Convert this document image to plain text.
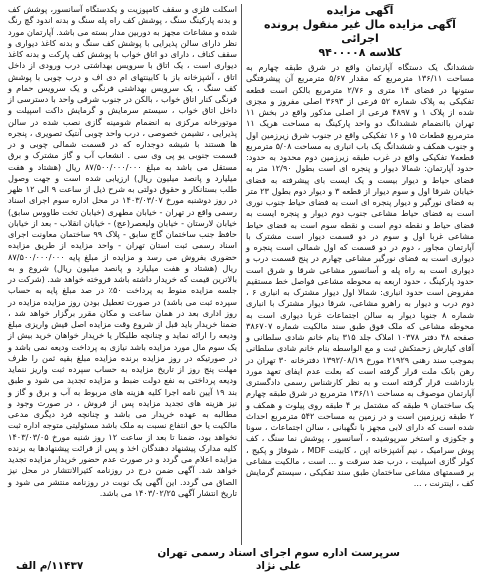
آگهی مزایده
آگهی مزایده مال غیر منقول پرونده اجرائی
کلاسه ۹۴۰۰۰۰۸

ششدانگ یک دستگاه آپارتمان واقع در شرق طبقه چهارم به مساحت ۱۳۶/۱۱ مترمربع که مقدار ۵/۶۷ مترمربع آن پیشرفتگی ستونها در فضای ۱۴ متری و ۲/۷۶ مترمربع بالکن است قطعه تفکیکی به پلاک شماره ۵۲ فرعی از ۳۶۹۳ اصلی مفروز و مجزی شده از پلاک ۱ و ۴۸۹۷ فرعی از اصلی مذکور واقع در بخش ۱۱ تهران باانضمام ششدانگ دو واحد پارکینگ به مساحت هریک ۱۱ مترمربع قطعات ۱۵ و ۱۶ تفکیکی واقع در جنوب شرق زیرزمین اول و جنوب همکف و ششدانگ یک باب انباری به مساحت ۵/۰۸ مترمربع قطعه۷ تفکیکی واقع در غرب طبقه زیرزمین دوم محدود به حدود: حدود آپارتمان: شمالا دیوار و پنجره ای است بطول ۱۲/۹۰ متر به فضای حیاط و دیوار بیست و یک ایست بای پیشرفته به فضای خیابان شرقا اول و سوم دیوار از قطعه ۳ و دیوار دوم بطول ۲۳ متر به فضای نورگیر و دیوار پنجره ای است به فضای حیاط جنوب نوری است به فضای حیاط مشاعی جنوب دوم دیوار و پنجره ایست به فضای حیاط و نقطه دوم است و نقطه سوم است به فضای حیاط مشاعی غربا اول و سوم در دو قسمت دیوار است مشترک با آپارتمان مجاور ، دوم در دو قسمت که اول شمالی است پنجره و دیواری است به فضای نورگیر مشاعی چهارم در پنج قسمت درب و دیواری است به راه پله و آسانسور مشاعی شرقا و شرق است حدود پارکینگ ، حدود اربعه به محوطه مشاعی فواصل خط مستقیم مفروض است حدود انباری: شمالا اول دیوار مشترک به انباری ۶ ، دوم درب و دیوار به راهرو مشاعی، شرقا دیوار مشترک با انباری شماره ۸ جنوبا دیوار به سالن اجتماعات غربا دیواری است به محوطه مشاعی که ملک فوق طبق سند مالکیت شماره ۳۸۶۷۰۷ صفحه ۴۸ دفتر ۱۰۳۷۸ املاک جلد ۳۱۵ بنام خانم شادی سلطانی و آقای کیارش زحمتکش ثبت و مع الواسطه بنام خانم شادی سلطانی بموجب سند رهنی ۲۱۹۲۹ مورخ ۱۳۹۲/۰۸/۱۹ دفترخانه ۳۰ تهران در رهن بانک ملت قرار گرفته است که بعلت عدم ایفای تعهد مورد بازداشت قرار گرفته است و به نظر کارشناس رسمی دادگستری آپارتمان موصوف به مساحت ۱۳۶/۱۱ مترمربع در شرق طبقه چهارم یک ساختمان ۹ طبقه که مشتمل بر ۴ طبقه روی پیلوت و همکف و ۲ طبقه زیرزمین است و در زمین به مساحت ۵۴۲ مترمربع احداث شده است که دارای لابی مجهز با نگهبانی ، سالن اجتماعات ، سونا و جکوزی و استخر سرپوشیده ، آسانسور ، پوشش نما سنگ ، کف پوش سرامیک ، نیم آشپزخانه اپن ، کابینت MDF ، شوفاژ و پکیج ، کولر گازی اسپلیت ، درب ضد سرقت و ... است ، مالکیت مشاعی بر قسمتهای مشاعی ساختمان طبق سند تفکیکی ، سیستم گرمایش کف ، اینترنت ، ...

اسکلت فلزی و سقف کامپوزیت و یکدستگاه آسانسور، پوشش کف و بدنه پارکینگ سنگ ، پوشش کف راه پله سنگ و بدنه اندود گچ رنگ شده و مشاعات مجهز به دوربین مدار بسته می باشد. آپارتمان مورد نظر دارای سالن پذیرایی با پوشش کف سنگ و بدنه کاغذ دیواری و سقف کناف ، دارای دو اتاق خواب با پوشش کف پارکت و بدنه کاغذ دیواری است ، یک اتاق با سرویس بهداشتی درب ورودی از داخل اتاق ، آشپزخانه باز با کابینتهای ام دی اف و درب چوبی با پوشش کف سنگ ، یک سرویس بهداشتی فرنگی و یک سرویس حمام و فرنگی کنار اتاق خواب ، بالکن در جنوب شرقی واحد با دسترسی از داخل اتاق خواب ، سیستم سرمایش و گرمایش داکت اسپیلت و موتورخانه مرکزی به انضمام شومینه گازی نصب شده در سالن پذیرایی ، تشیمن خصوصی ، درب واحد چوبی آنتیک تصویری ، پنجره ها هستند با شیشه دوجداره که در قسمت شمالی چوبی و در قسمت جنوبی یو پی وی سی . انشعاب آب و گاز مشترک و برق مستقل می باشد به مبلغ ۸۷/۵۰۰/۰۰۰/۰۰۰ ریال (هشتاد و هفت میلیارد و پانصد میلیون ریال) ارزیابی شده است و جهت وصول طلب بستانکار و حقوق دولتی به شرح ذیل از ساعت ۹ الی ۱۲ ظهر در روز دوشنبه مورخ ۱۴۰۳/۰۳/۰۷ در محل اداره سوم اجرای اسناد رسمی واقع در تهران - خیابان مطهری (خیابان تخت طاووس سابق) خیابان لارستان - خیابان ولیعصر(عج) - خیابان انقلاب - بعد از خیابان حافظ جنب ساختمان گاج سابق - پلاک ۹۹ ساختمان معاونت اجرای اسناد رسمی ثبت استان تهران - واحد مزایده از طریق مزایده حضوری بفروش می رسد و مزایده از مبلغ پایه ۸۷/۵۰۰/۰۰۰/۰۰۰ ریال (هشتاد و هفت میلیارد و پانصد میلیون ریال) شروع و به بالاترین قیمت که خریدار داشته باشد فروخته خواهد شد. (شرکت در جلسه مزایده منوط به پرداخت ۵۰٪ در صد مبلغ پایه به حساب سپرده ثبت می باشد) در صورت تعطیل بودن روز مزایده مزایده در روز اداری بعد در همان ساعت و مکان مقرر برگزار خواهد شد ، ضمنا خریدار باید قبل از شروع وقت مزایده اصل فیش واریزی مبلغ ودیعه را ارائه نماید و چنانچه طلبکار یا خریدار خواهان خرید بیش از یک سوم مال مورد مزایده باشد نیازی به پرداخت ودیعه نمی باشد و در صورتیکه در روز مزایده برنده مزایده مبلغ بقیه ثمن را ظرف مهلت پنج روز از تاریخ مزایده به حساب سپرده ثبت واریز ننماید ودیعه پرداختی به نفع دولت ضبط و مزایده تجدید می شود و طبق بند ۱۹ آیین نامه اجرا کلیه هزینه های مربوط به آب و برق و گاز و نیز هزینه های تجدید مزایده پس از فروش ، در صورت وجود و مطالبه به عهده خریدار می باشد و چنانچه فرد دیگری مدعی مالکیت یا حق انتفاع نسبت به ملک باشد مسئولیتی متوجه اداره ثبت نخواهد بود، ضمنا تا بعد از ساعت ۱۲ روز شنبه مورخ ۱۴۰۳/۰۳/۰۵ کلیه مدارک پیشنهاد دهندگان اخذ و پس از قرائت پیشنهادها به برنده مزایده اعلام می گردد و در صورت عدم حضور خریدار مزایده تجدید خواهد شد. آگهی ضمن درج در روزنامه کثیرالانتشار در محل نیز الصاق می گردد. این آگهی یک نوبت در روزنامه منتشر می شود و تاریخ انتشار آگهی ۱۴۰۳/۰۲/۲۵ می باشد.

سرپرست اداره سوم اجرای اسناد رسمی تهران
علی نژاد
۱۱۴۳۷/م الف
